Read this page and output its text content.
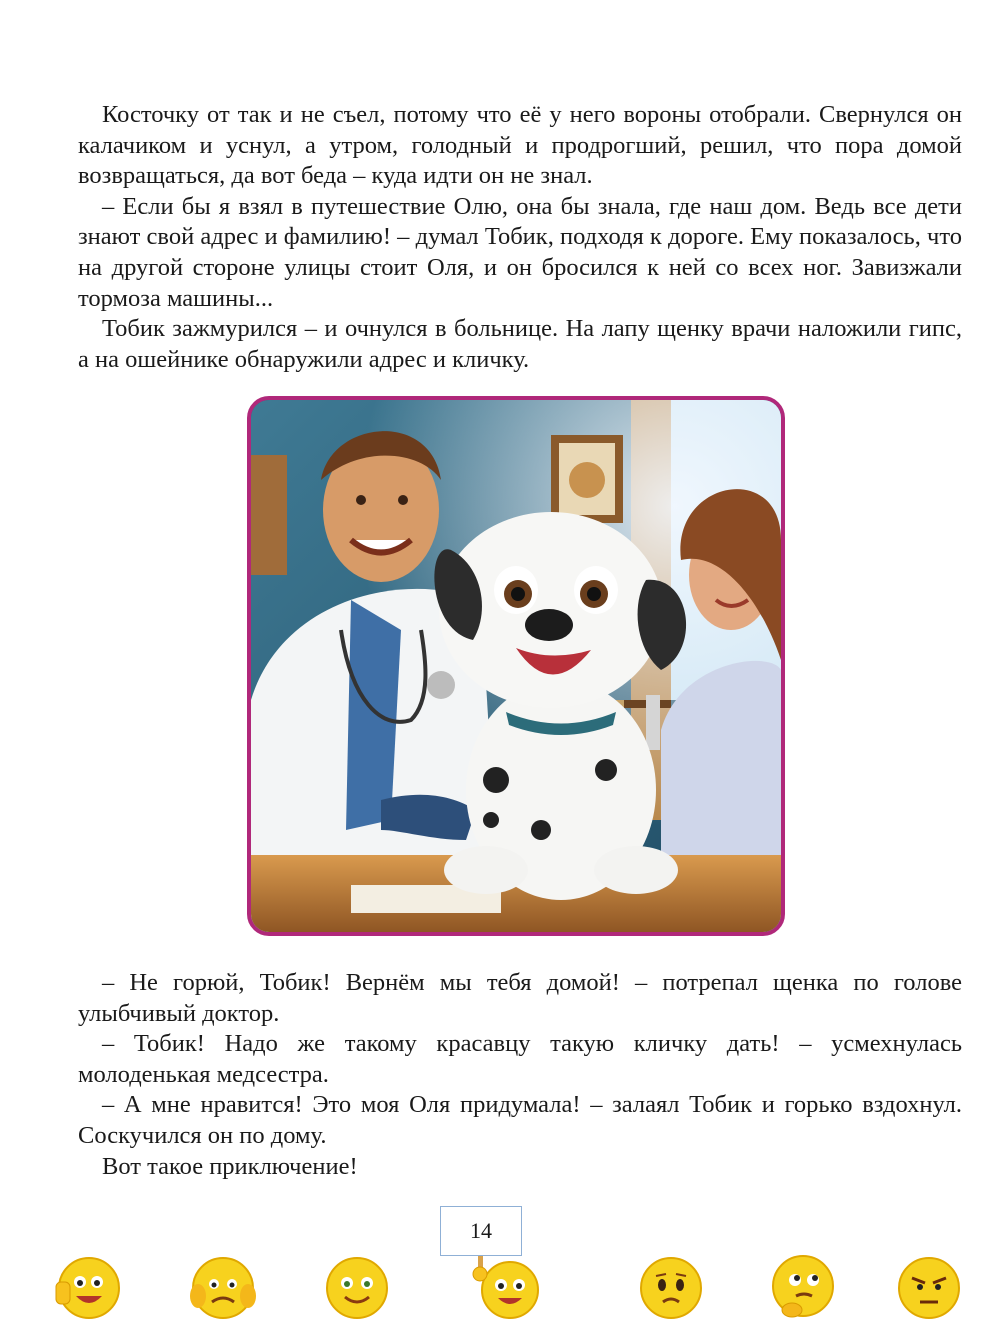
Косточку от так и не съел, потому что её у него вороны отобрали. Свернулся он калачиком и уснул, а утром, голодный и продрогший, решил, что пора домой возвращаться, да вот беда – куда идти он не знал.

– Если бы я взял в путешествие Олю, она бы знала, где наш дом. Ведь все дети знают свой адрес и фамилию! – думал Тобик, подходя к дороге. Ему показалось, что на другой стороне улицы стоит Оля, и он бросился к ней со всех ног. Завизжали тормоза машины...

Тобик зажмурился – и очнулся в больнице. На лапу щенку врачи наложили гипс, а на ошейнике обнаружили адрес и кличку.

– Не горюй, Тобик! Вернём мы тебя домой! – потрепал щенка по голове улыбчивый доктор.

– Тобик! Надо же такому красавцу такую кличку дать! – усмехнулась молоденькая медсестра.

– А мне нравится! Это моя Оля придумала! – залаял Тобик и горько вздохнул. Соскучился он по дому.

Вот такое приключение!

14
